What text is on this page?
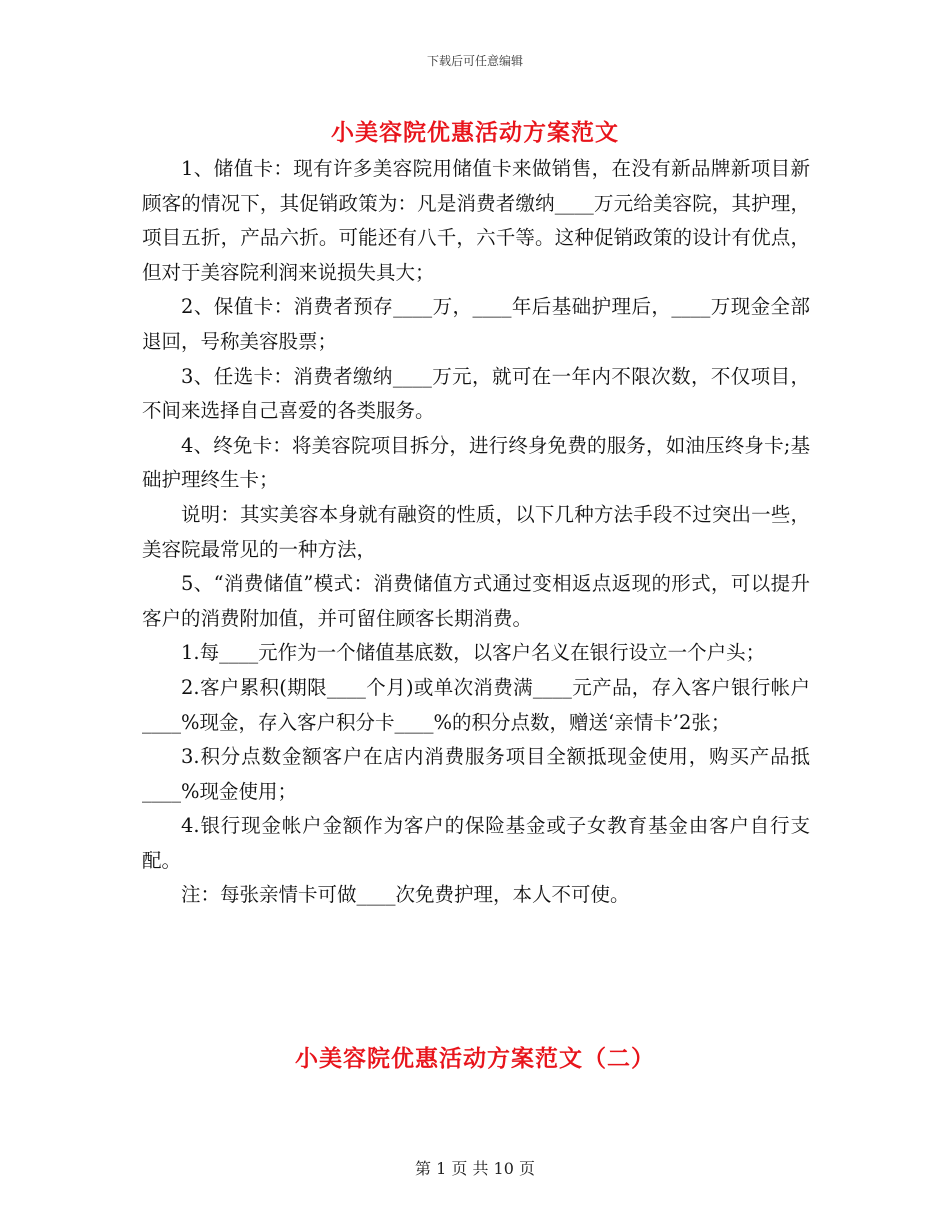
下载后可任意编辑
小美容院优惠活动方案范文

1、储值卡：现有许多美容院用储值卡来做销售，在没有新品牌新项目新顾客的情况下，其促销政策为：凡是消费者缴纳____万元给美容院，其护理，项目五折，产品六折。可能还有八千，六千等。这种促销政策的设计有优点，但对于美容院利润来说损失具大；

2、保值卡：消费者预存____万，____年后基础护理后，____万现金全部退回，号称美容股票；

3、任选卡：消费者缴纳____万元，就可在一年内不限次数，不仅项目，不间来选择自己喜爱的各类服务。

4、终免卡：将美容院项目拆分，进行终身免费的服务，如油压终身卡;基础护理终生卡；

说明：其实美容本身就有融资的性质，以下几种方法手段不过突出一些，美容院最常见的一种方法，

5、“消费储值”模式：消费储值方式通过变相返点返现的形式，可以提升客户的消费附加值，并可留住顾客长期消费。

1.每____元作为一个储值基底数，以客户名义在银行设立一个户头；

2.客户累积(期限____个月)或单次消费满____元产品，存入客户银行帐户____%现金，存入客户积分卡____%的积分点数，赠送‘亲情卡’2张；

3.积分点数金额客户在店内消费服务项目全额抵现金使用，购买产品抵____%现金使用；

4.银行现金帐户金额作为客户的保险基金或子女教育基金由客户自行支配。

注：每张亲情卡可做____次免费护理，本人不可使。

小美容院优惠活动方案范文（二）
第 1 页 共 10 页
